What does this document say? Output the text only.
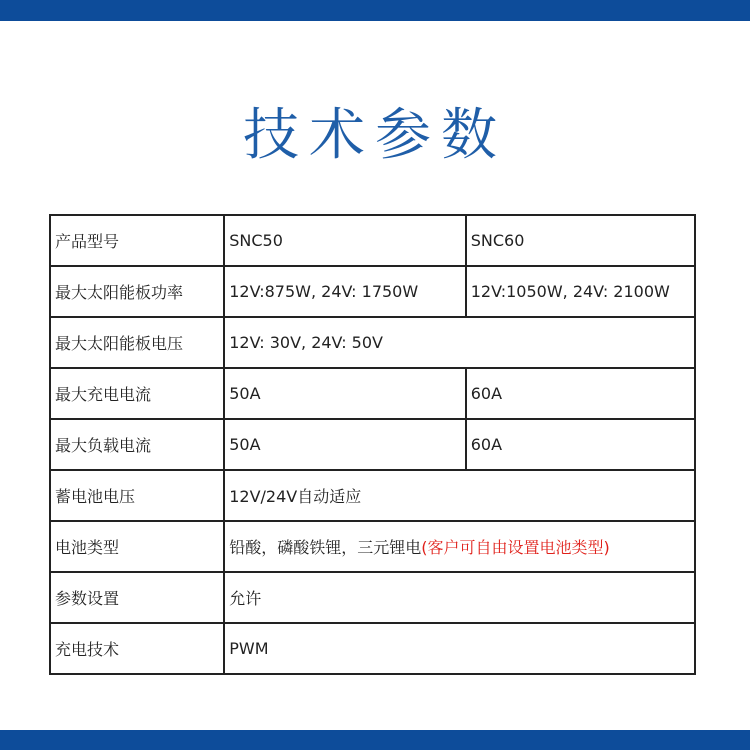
技术参数
产品型号	SNC50	SNC60
最大太阳能板功率	12V:875W, 24V: 1750W	12V:1050W, 24V: 2100W
最大太阳能板电压	12V: 30V, 24V: 50V	
最大充电电流	50A	60A
最大负载电流	50A	60A
蓄电池电压	12V/24V自动适应	
电池类型	铅酸，磷酸铁锂，三元锂电(客户可自由设置电池类型)	
参数设置	允许	
充电技术	PWM	
